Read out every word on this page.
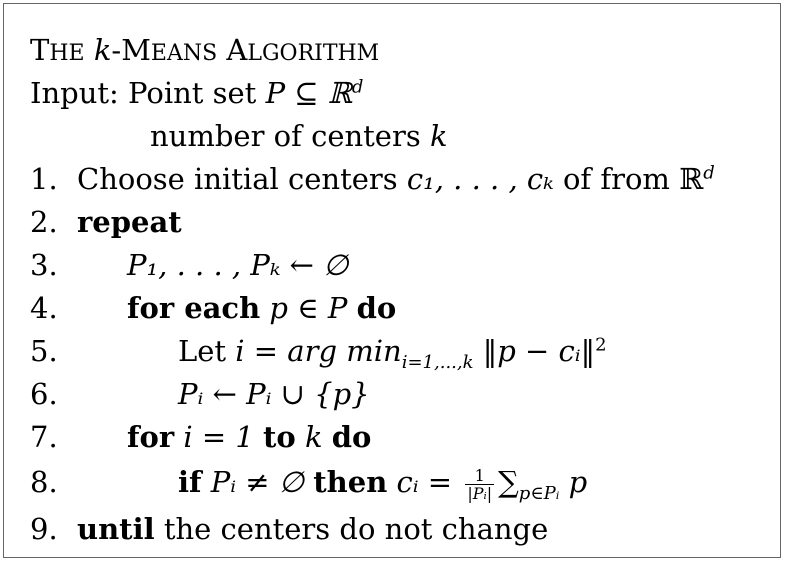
THE k-MEANS ALGORITHM
Input: Point set P ⊆ ℝ$^d$
number of centers k
1. Choose initial centers c₁, . . . , cₖ of from ℝ$^d$
2. repeat
3.	P₁, . . . , Pₖ ← ∅
4.	for each p ∈ P do
5.	Let i = arg $\min_{i=1,...,k}$ ‖p − cᵢ‖$^2$
6.	Pᵢ ← Pᵢ ∪ {p}
7.	for i = 1 to k do
8.	if Pᵢ ≠ ∅ then cᵢ = $\frac{1}{\text{|Pᵢ|}} \sum_{p\in Pᵢ}$ p
9. until the centers do not change
